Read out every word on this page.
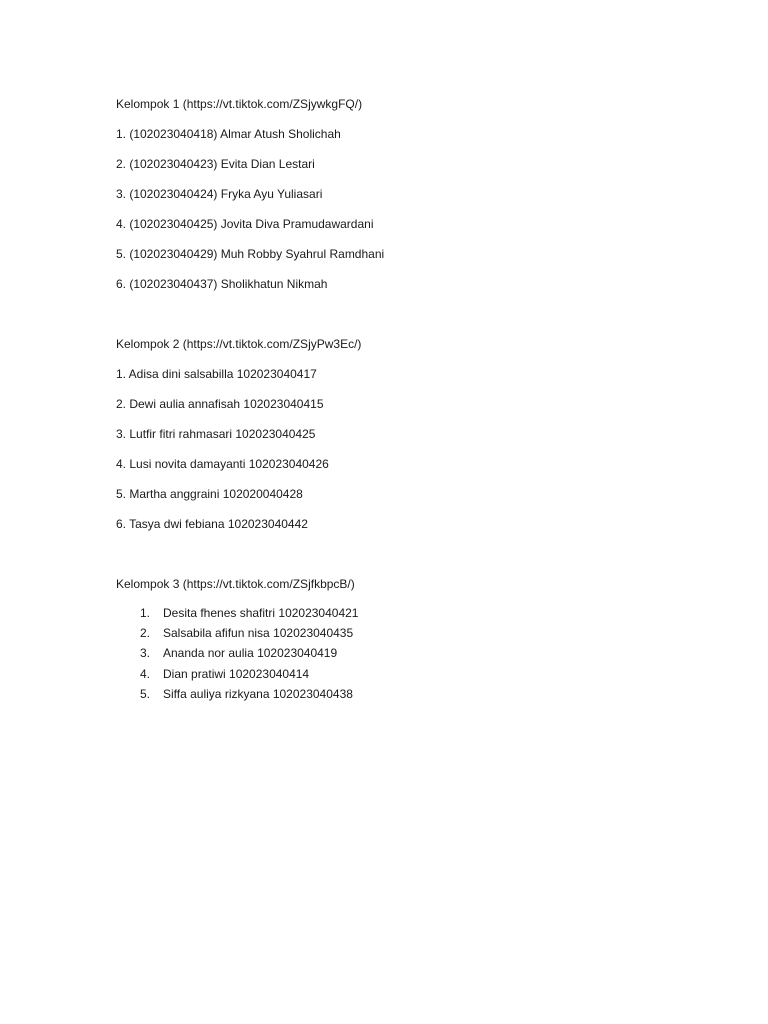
Kelompok 1 (https://vt.tiktok.com/ZSjywkgFQ/)
1. (102023040418) Almar Atush Sholichah
2. (102023040423) Evita Dian Lestari
3. (102023040424) Fryka Ayu Yuliasari
4. (102023040425) Jovita Diva Pramudawardani
5. (102023040429) Muh Robby Syahrul Ramdhani
6. (102023040437) Sholikhatun Nikmah
Kelompok 2 (https://vt.tiktok.com/ZSjyPw3Ec/)
1. Adisa dini salsabilla 102023040417
2. Dewi aulia annafisah 102023040415
3. Lutfir fitri rahmasari 102023040425
4. Lusi novita damayanti 102023040426
5. Martha anggraini 102020040428
6. Tasya dwi febiana 102023040442
Kelompok 3 (https://vt.tiktok.com/ZSjfkbpcB/)
1. Desita fhenes shafitri 102023040421
2. Salsabila afifun nisa 102023040435
3. Ananda nor aulia 102023040419
4. Dian pratiwi 102023040414
5. Siffa auliya rizkyana 102023040438
